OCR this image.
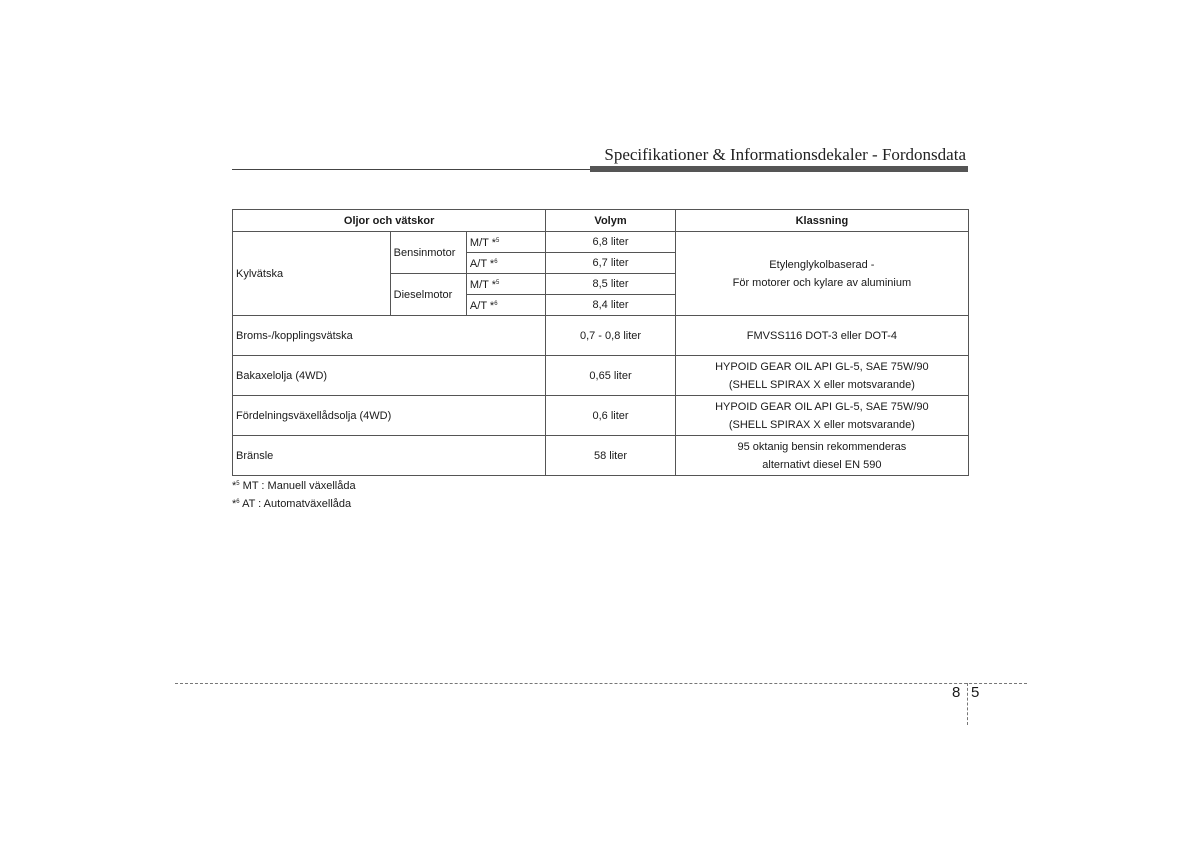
Specifikationer & Informationsdekaler - Fordonsdata
Oljor och vätskor			Volym	Klassning
Kylvätska	Bensinmotor	M/T *$^5$	6,8 liter	Etylenglykolbaserad -
För motorer och kylare av aluminium

		A/T *$^6$	6,7 liter	
	Dieselmotor	M/T *$^5$	8,5 liter	
		A/T *$^6$	8,4 liter	
Broms-/kopplingsvätska			0,7 - 0,8 liter	FMVSS116 DOT-3 eller DOT-4

Bakaxelolja (4WD)			0,65 liter	HYPOID GEAR OIL API GL-5, SAE 75W/90
(SHELL SPIRAX X eller motsvarande)

Fördelningsväxellådsolja (4WD)			0,6 liter	HYPOID GEAR OIL API GL-5, SAE 75W/90
(SHELL SPIRAX X eller motsvarande)

Bränsle			58 liter	95 oktanig bensin rekommenderas
alternativt diesel EN 590
*$^5$ MT : Manuell växellåda
*$^6$ AT : Automatväxellåda
8 5
